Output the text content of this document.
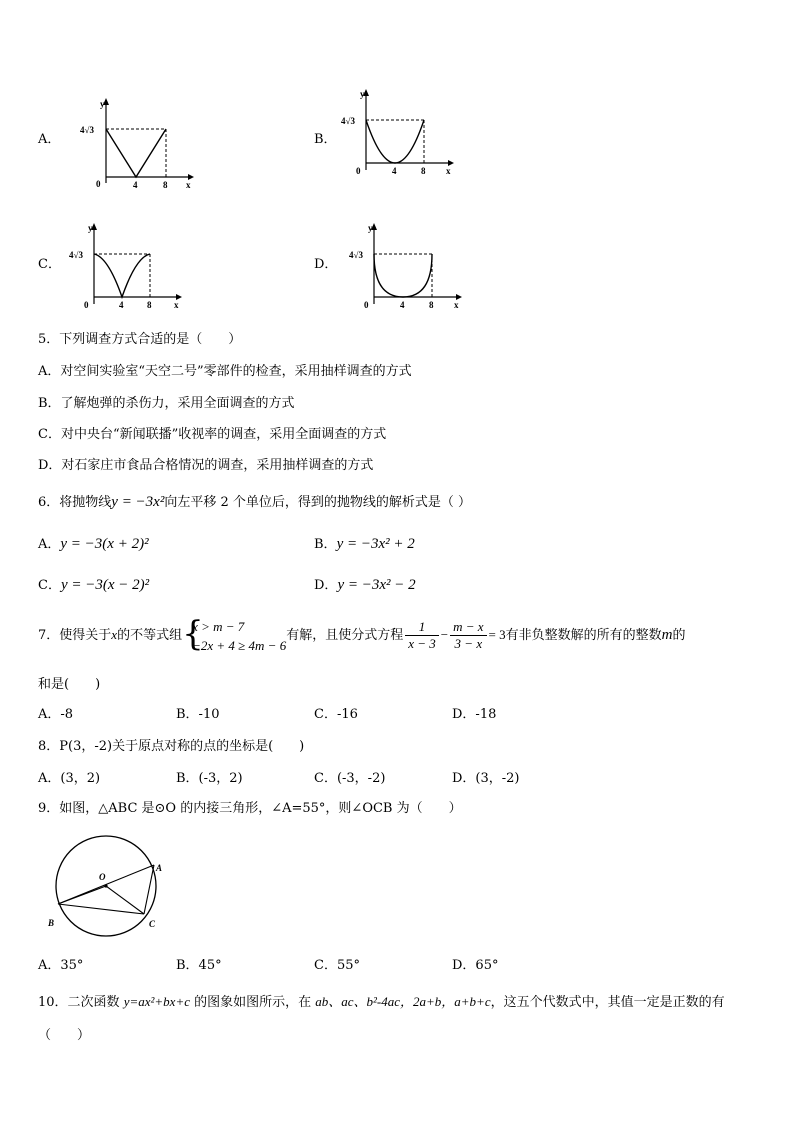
A．
y
4√3
0	4	8 x
B．
y
4√3
0	4	8 x
C．
y
4√3
0	4	8	x
D．
y
4√3
0	4	8 x
5．下列调查方式合适的是（　　）
A．对空间实验室“天空二号”零部件的检查，采用抽样调查的方式
B．了解炮弹的杀伤力，采用全面调查的方式
C．对中央台“新闻联播”收视率的调查，采用全面调查的方式
D．对石家庄市食品合格情况的调查，采用抽样调查的方式
6．将抛物线y = −3x²向左平移 2 个单位后，得到的抛物线的解析式是（ ）
A．y = −3(x + 2)²	B．y = −3x² + 2
C．y = −3(x − 2)²	D．y = −3x² − 2
7．使得关于x的不等式组 {
x > m − 7
−2x + 4 ≥ 4m − 6
有解，且使分式方程 $\frac{1}{x - 3} - \frac{m - x}{3 - x} = 3$有非负整数解的所有的整数m的
和是(　　)
A．-8	B．-10	C．-16	D．-18
8．P(3，-2)关于原点对称的点的坐标是(　　)
A．(3，2)	B．(-3，2)	C．(-3，-2)	D．(3，-2)
9．如图，△ABC 是⊙O 的内接三角形，∠A=55°，则∠OCB 为（　　）
O
A
B	C
A．35°	B．45°	C．55°	D．65°
10．二次函数 y=ax²+bx+c 的图象如图所示，在 ab、ac、b²-4ac，2a+b，a+b+c，这五个代数式中，其值一定是正数的有
（　　）
